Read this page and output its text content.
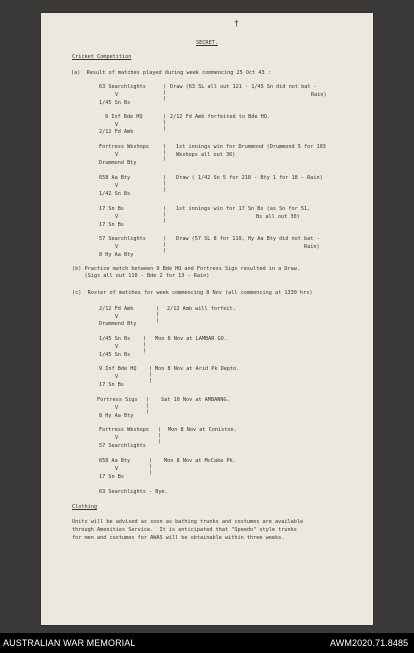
†
SECRET.
Cricket Competition
(a)  Result of matches played during week commencing 25 Oct 43 :
63 Searchlights
V
1/45 Sn Bs
)
)
)
Draw (63 SL all out 121 - 1/45 Sn did not bat -
Rain)
9 Inf Bde HQ
V
2/12 Fd Amb
)
)
)
2/12 Fd Amb forfeited to Bde HQ.
Fortress Wkshops
V
Drummond Bty
)
)
)
1st innings win for Drummond (Drummond 5 for 103
Wkshops all out 36)
658 Aa Bty
V
1/42 Sn Bs
)
)
)
Draw ( 1/42 Sn 5 for 218 - Bty 1 for 18 - Rain)
17 Sn Bs
V
17 Sn Bs
)
)
)
1st innings win for 17 Sn Bs (as Sn for 51,
Bs all out 30)
57 Searchlights
V
8 Hy Aa Bty
)
)
)
Draw (57 SL 8 for 119, Hy Aa Bty did not bat -
Rain)
(b) Practice match between 9 Bde HQ and Fortress Sigs resulted in a Draw.
(Sigs all out 110 - Bde 2 for 13 - Rain)
(c)  Roster of matches for week commencing 8 Nov (all commencing at 1330 hrs)
2/12 Fd Amb
V
Drummond Bty
)
)
)
2/12 Amb will forfeit.
1/45 Sn Bs
V
1/45 Sn Bs
)
)
)
Mon 8 Nov at LAMBAR GO.
9 Inf Bde HQ
V
17 Sn Bs
)
)
)
Mon 8 Nov at Arid Pk Depto.
Fortress Sigs
V
8 Hy Aa Bty
)
)
)
Sat 10 Nov at AMBANNG.
Fortress Wkshops
V
57 Searchlights
)
)
)
Mon 8 Nov at Coniston.
658 Aa Bty
V
17 Sn Bs
)
)
)
Mon 8 Nov at McCabe Pk.
63 Searchlights - Bye.
Clothing
Units will be advised as soon as bathing trunks and costumes are available
through Amenities Service.  It is anticipated that "Speedo" style trunks
for men and costumes for AWAS will be obtainable within three weeks.
AUSTRALIAN WAR MEMORIAL	AWM2020.71.8485
